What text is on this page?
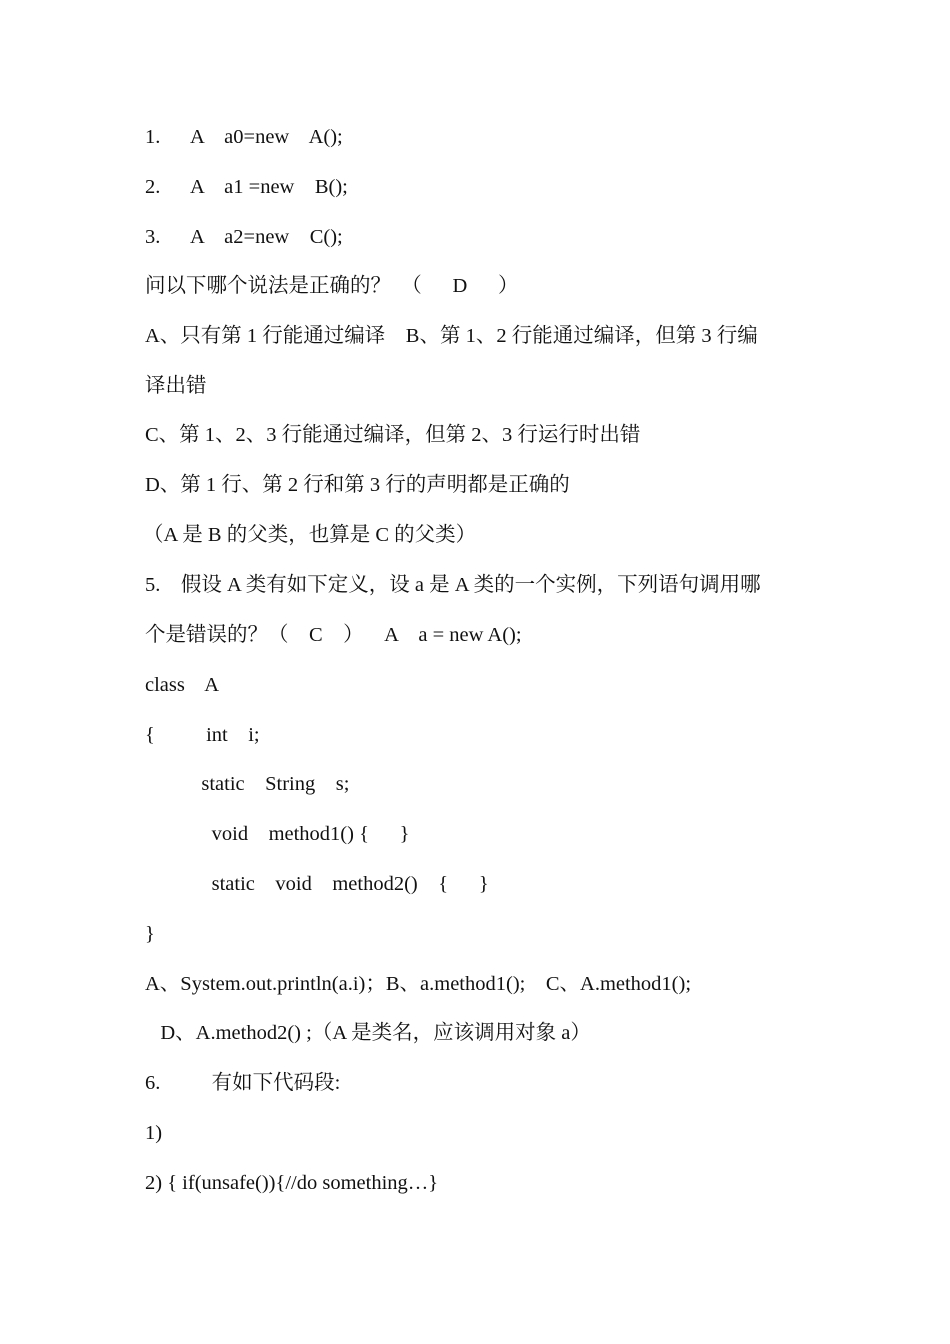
1.      A    a0=new    A();
2.      A    a1 =new    B();
3.      A    a2=new    C();
问以下哪个说法是正确的？  （      D      ）
A、只有第 1 行能通过编译    B、第 1、2 行能通过编译，但第 3 行编
译出错
C、第 1、2、3 行能通过编译，但第 2、3 行运行时出错
D、第 1 行、第 2 行和第 3 行的声明都是正确的
（A 是 B 的父类，也算是 C 的父类）
5.    假设 A 类有如下定义，设 a 是 A 类的一个实例，下列语句调用哪
个是错误的？（    C    ）    A    a = new A();
class    A
{          int    i;
static    String    s;
void    method1() {      }
static    void    method2()    {      }
}
A、System.out.println(a.i)；B、a.method1();    C、A.method1();
D、A.method2() ;（A 是类名，应该调用对象 a）
6.          有如下代码段:
1)
2) { if(unsafe()){//do something…}
